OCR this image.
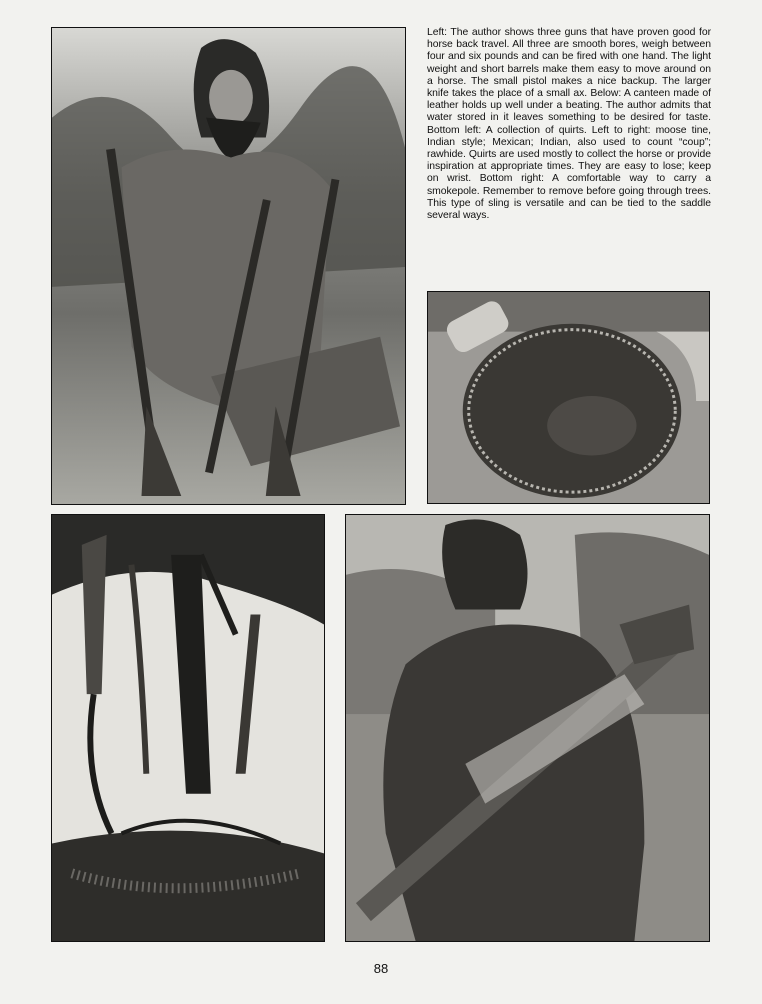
Left: The author shows three guns that have proven good for horse back travel. All three are smooth bores, weigh between four and six pounds and can be fired with one hand. The light weight and short barrels make them easy to move around on a horse. The small pistol makes a nice backup. The larger knife takes the place of a small ax. Below: A canteen made of leather holds up well under a beating. The author admits that water stored in it leaves something to be desired for taste. Bottom left: A collection of quirts. Left to right: moose tine, Indian style; Mexican; Indian, also used to count “coup”; rawhide. Quirts are used mostly to collect the horse or provide inspiration at appropriate times. They are easy to lose; keep on wrist. Bottom right: A comfortable way to carry a smokepole. Remember to remove before going through trees. This type of sling is versatile and can be tied to the saddle several ways.
88
